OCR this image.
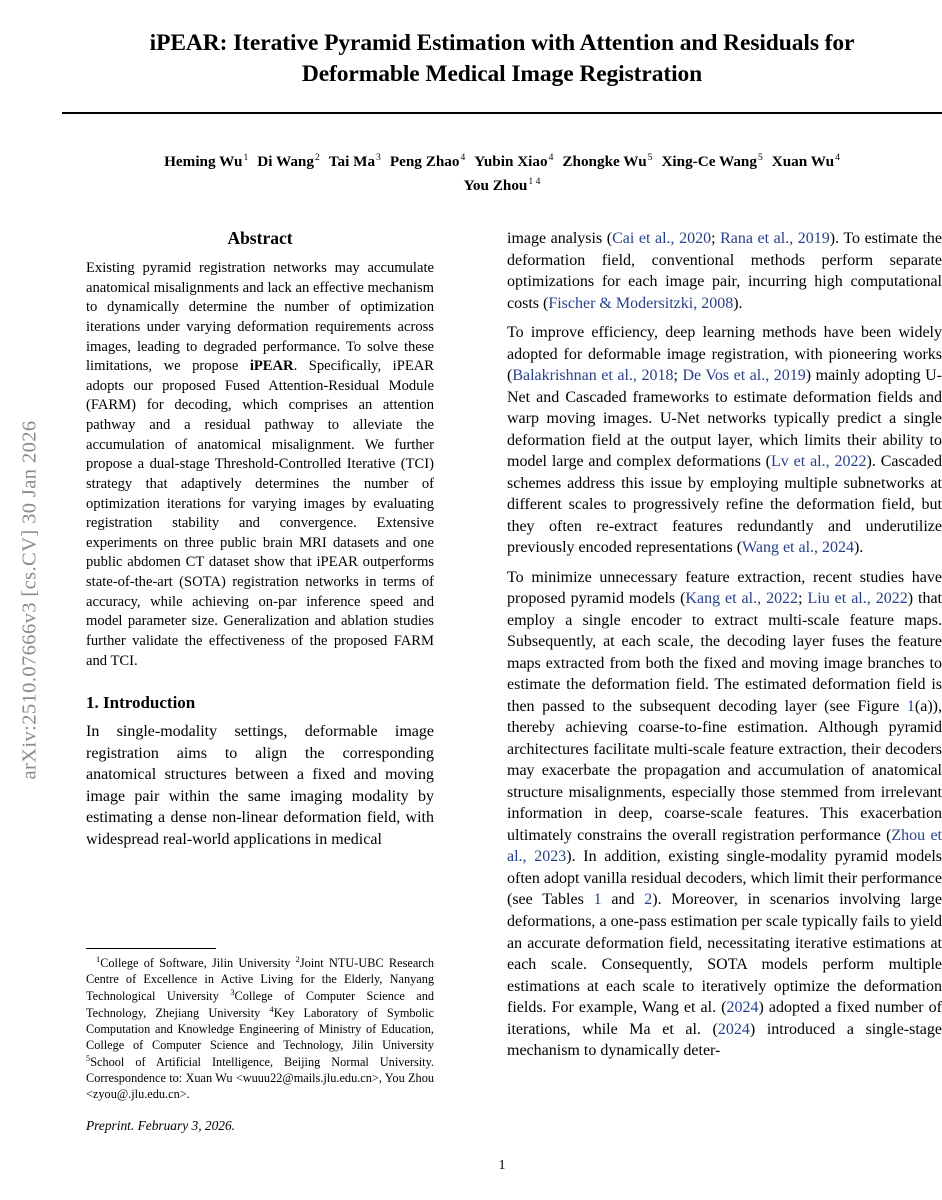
arXiv:2510.07666v3 [cs.CV] 30 Jan 2026
iPEAR: Iterative Pyramid Estimation with Attention and Residuals for Deformable Medical Image Registration
Heming Wu$^1$ Di Wang$^2$ Tai Ma$^3$ Peng Zhao$^4$ Yubin Xiao$^4$ Zhongke Wu$^5$ Xing-Ce Wang$^5$ Xuan Wu$^4$
You Zhou$^{1 4}$
Abstract

Existing pyramid registration networks may accumulate anatomical misalignments and lack an effective mechanism to dynamically determine the number of optimization iterations under varying deformation requirements across images, leading to degraded performance. To solve these limitations, we propose iPEAR. Specifically, iPEAR adopts our proposed Fused Attention-Residual Module (FARM) for decoding, which comprises an attention pathway and a residual pathway to alleviate the accumulation of anatomical misalignment. We further propose a dual-stage Threshold-Controlled Iterative (TCI) strategy that adaptively determines the number of optimization iterations for varying images by evaluating registration stability and convergence. Extensive experiments on three public brain MRI datasets and one public abdomen CT dataset show that iPEAR outperforms state-of-the-art (SOTA) registration networks in terms of accuracy, while achieving on-par inference speed and model parameter size. Generalization and ablation studies further validate the effectiveness of the proposed FARM and TCI.

1. Introduction

In single-modality settings, deformable image registration aims to align the corresponding anatomical structures between a fixed and moving image pair within the same imaging modality by estimating a dense non-linear deformation field, with widespread real-world applications in medical

image analysis (Cai et al., 2020; Rana et al., 2019). To estimate the deformation field, conventional methods perform separate optimizations for each image pair, incurring high computational costs (Fischer & Modersitzki, 2008).

To improve efficiency, deep learning methods have been widely adopted for deformable image registration, with pioneering works (Balakrishnan et al., 2018; De Vos et al., 2019) mainly adopting U-Net and Cascaded frameworks to estimate deformation fields and warp moving images. U-Net networks typically predict a single deformation field at the output layer, which limits their ability to model large and complex deformations (Lv et al., 2022). Cascaded schemes address this issue by employing multiple subnetworks at different scales to progressively refine the deformation field, but they often re-extract features redundantly and underutilize previously encoded representations (Wang et al., 2024).

To minimize unnecessary feature extraction, recent studies have proposed pyramid models (Kang et al., 2022; Liu et al., 2022) that employ a single encoder to extract multi-scale feature maps. Subsequently, at each scale, the decoding layer fuses the feature maps extracted from both the fixed and moving image branches to estimate the deformation field. The estimated deformation field is then passed to the subsequent decoding layer (see Figure 1(a)), thereby achieving coarse-to-fine estimation. Although pyramid architectures facilitate multi-scale feature extraction, their decoders may exacerbate the propagation and accumulation of anatomical structure misalignments, especially those stemmed from irrelevant information in deep, coarse-scale features. This exacerbation ultimately constrains the overall registration performance (Zhou et al., 2023). In addition, existing single-modality pyramid models often adopt vanilla residual decoders, which limit their performance (see Tables 1 and 2). Moreover, in scenarios involving large deformations, a one-pass estimation per scale typically fails to yield an accurate deformation field, necessitating iterative estimations at each scale. Consequently, SOTA models perform multiple estimations at each scale to iteratively optimize the deformation fields. For example, Wang et al. (2024) adopted a fixed number of iterations, while Ma et al. (2024) introduced a single-stage mechanism to dynamically deter-

$^1$College of Software, Jilin University $^2$Joint NTU-UBC Research Centre of Excellence in Active Living for the Elderly, Nanyang Technological University $^3$College of Computer Science and Technology, Zhejiang University $^4$Key Laboratory of Symbolic Computation and Knowledge Engineering of Ministry of Education, College of Computer Science and Technology, Jilin University $^5$School of Artificial Intelligence, Beijing Normal University. Correspondence to: Xuan Wu <wuuu22@mails.jlu.edu.cn>, You Zhou <zyou@.jlu.edu.cn>.

Preprint. February 3, 2026.
1
